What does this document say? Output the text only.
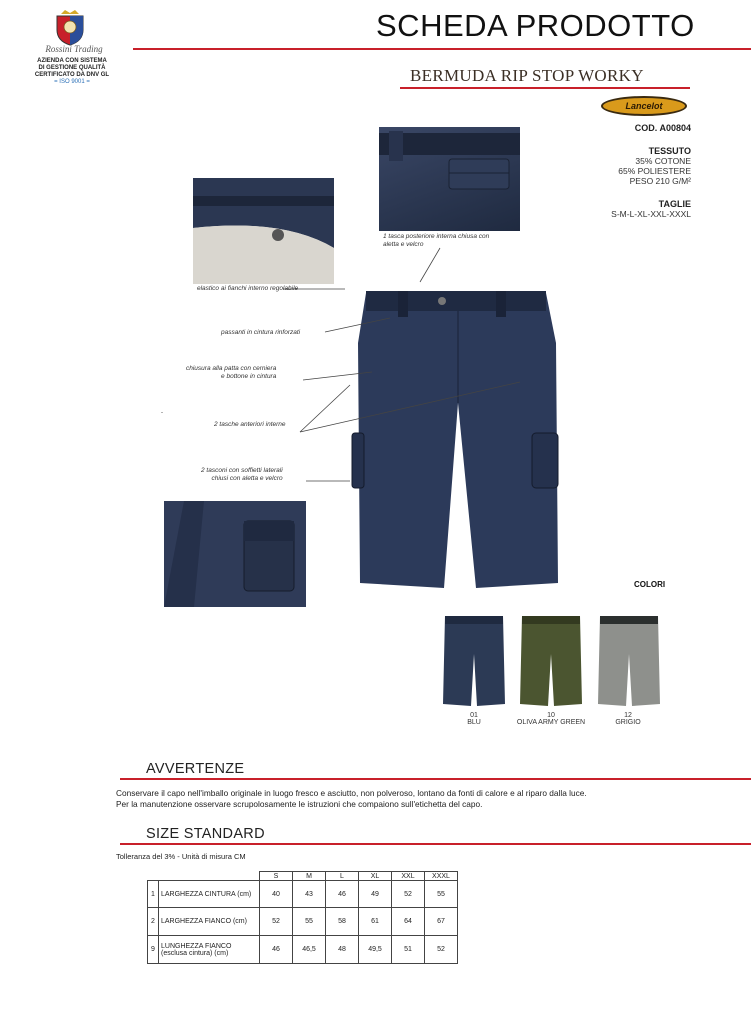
Rossini Trading
AZIENDA CON SISTEMA
DI GESTIONE QUALITÀ
CERTIFICATO DA DNV GL
= ISO 9001 =
SCHEDA PRODOTTO
BERMUDA RIP STOP WORKY
Lancelot
COD. A00804
TESSUTO
35% COTONE
65% POLIESTERE
PESO 210 G/M²
TAGLIE
S-M-L-XL-XXL-XXXL
1 tasca posteriore interna chiusa con
aletta e velcro
elastico ai fianchi interno regolabile
passanti in cintura rinforzati
chiusura alla patta con cerniera
e bottone in cintura
2 tasche anteriori interne
2 tasconi con soffietti laterali
chiusi con aletta e velcro
COLORI
01
BLU
10
OLIVA ARMY GREEN
12
GRIGIO
AVVERTENZE
Conservare il capo nell'imballo originale in luogo fresco e asciutto, non polveroso, lontano da fonti di calore e al riparo dalla luce.
Per la manutenzione osservare scrupolosamente le istruzioni che compaiono sull'etichetta del capo.
SIZE STANDARD
Tolleranza del 3% - Unità di misura CM
		S	M	L	XL	XXL	XXXL
1	LARGHEZZA CINTURA (cm)	40	43	46	49	52	55
2	LARGHEZZA FIANCO (cm)	52	55	58	61	64	67
9	LUNGHEZZA FIANCO
(esclusa cintura) (cm)	46	46,5	48	49,5	51	52
